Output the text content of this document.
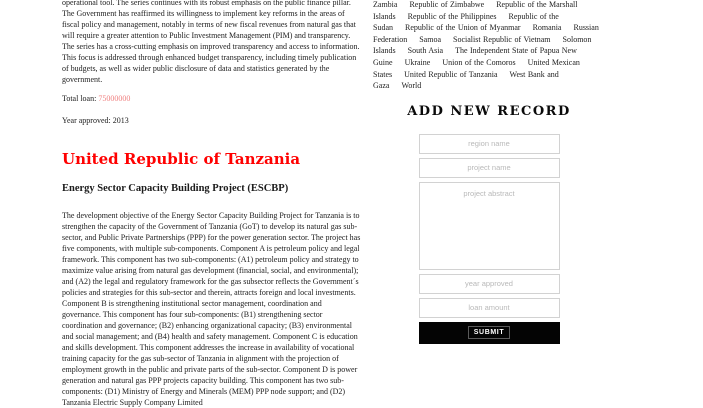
operational tool. The series continues with its robust emphasis on the public finance pillar. The Government has reaffirmed its willingness to implement key reforms in the areas of fiscal policy and management, notably in terms of new fiscal revenues from natural gas that will require a greater attention to Public Investment Management (PIM) and transparency. The series has a cross-cutting emphasis on improved transparency and access to information. This focus is addressed through enhanced budget transparency, including timely publication of budgets, as well as wider public disclosure of data and statistics generated by the government.

Total loan: 75000000

Year approved: 2013

United Republic of Tanzania
Energy Sector Capacity Building Project (ESCBP)

The development objective of the Energy Sector Capacity Building Project for Tanzania is to strengthen the capacity of the Government of Tanzania (GoT) to develop its natural gas sub-sector, and Public Private Partnerships (PPP) for the power generation sector. The project has five components, with multiple sub-components. Component A is petroleum policy and legal framework. This component has two sub-components: (A1) petroleum policy and strategy to maximize value arising from natural gas development (financial, social, and environmental); and (A2) the legal and regulatory framework for the gas subsector reflects the Government´s policies and strategies for this sub-sector and therein, attracts foreign and local investments. Component B is strengthening institutional sector management, coordination and governance. This component has four sub-components: (B1) strengthening sector coordination and governance; (B2) enhancing organizational capacity; (B3) environmental and social management; and (B4) health and safety management. Component C is education and skills development. This component addresses the increase in availability of vocational training capacity for the gas sub-sector of Tanzania in alignment with the projection of employment growth in the public and private parts of the sub-sector. Component D is power generation and natural gas PPP projects capacity building. This component has two sub-components: (D1) Ministry of Energy and Minerals (MEM) PPP node support; and (D2) Tanzania Electric Supply Company Limited

Zambia Republic of Zimbabwe Republic of the Marshall Islands Republic of the Philippines Republic of the Sudan Republic of the Union of Myanmar Romania Russian Federation Samoa Socialist Republic of Vietnam Solomon Islands South Asia The Independent State of Papua New Guine Ukraine Union of the Comoros United Mexican States United Republic of Tanzania West Bank and Gaza World
ADD NEW RECORD
region name
project name
project abstract
year approved
loan amount
SUBMIT
